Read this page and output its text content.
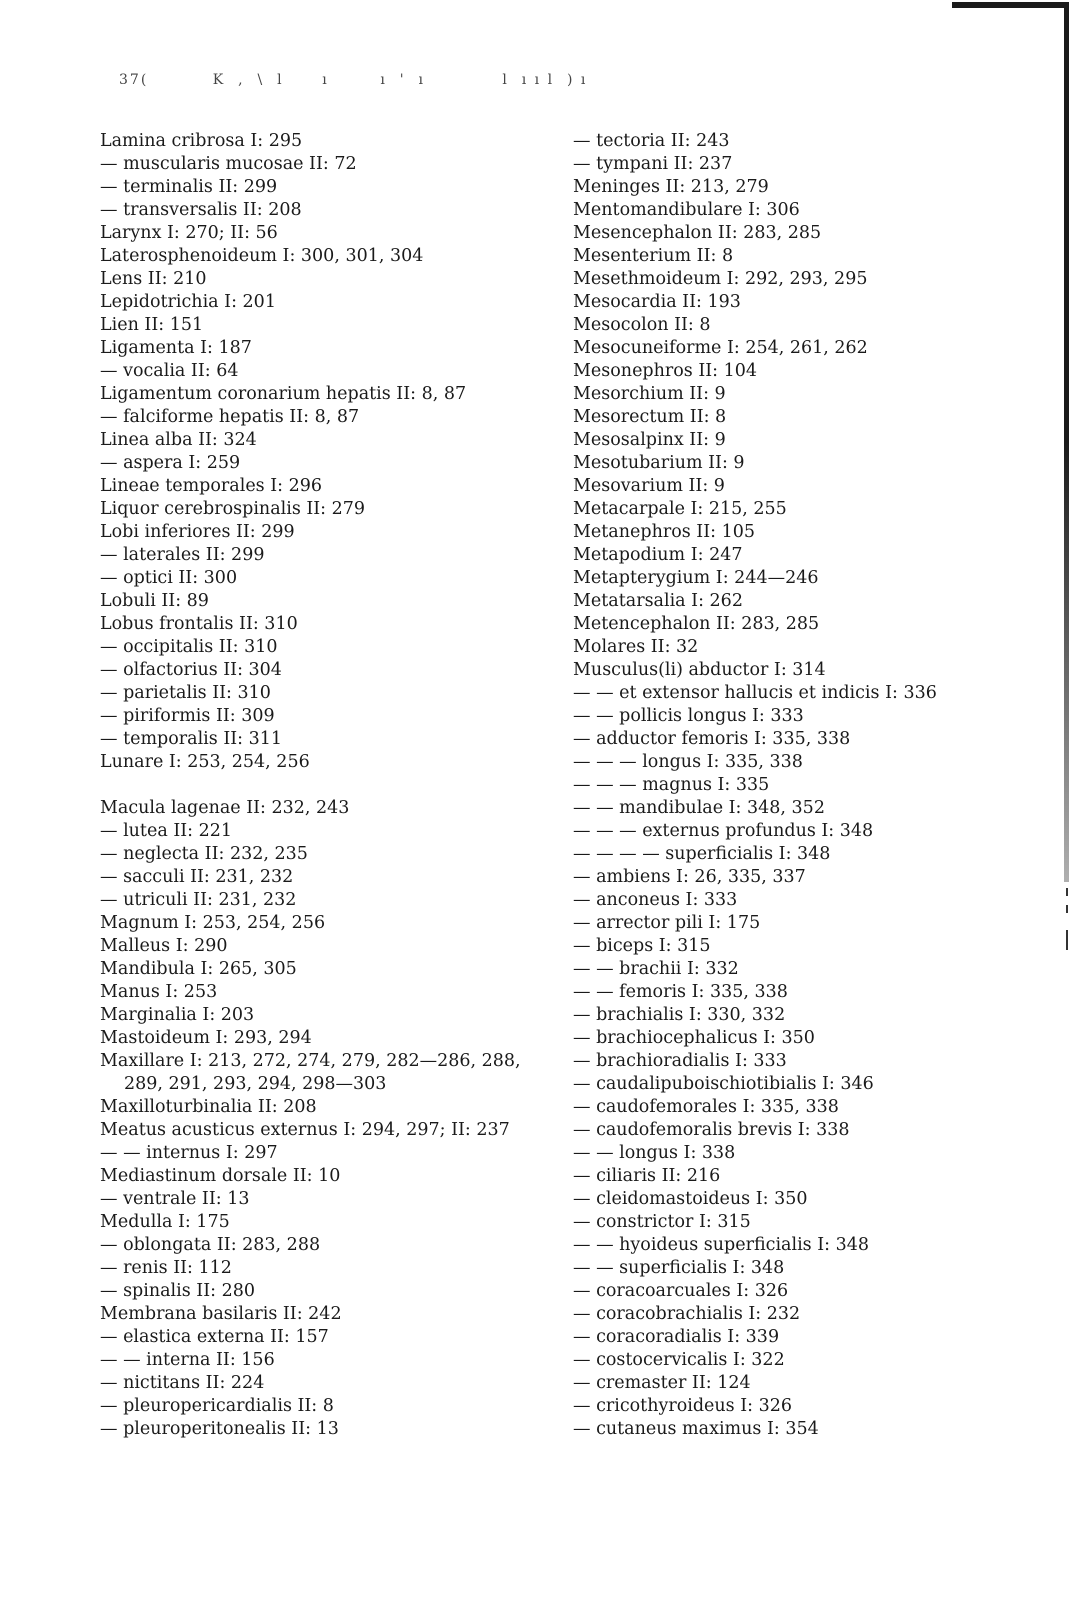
37(          K  ,  \  l      ı        ı  '  ı            l  ı ı l  ) ı
Lamina cribrosa I: 295
— muscularis mucosae II: 72
— terminalis II: 299
— transversalis II: 208
Larynx I: 270; II: 56
Laterosphenoideum I: 300, 301, 304
Lens II: 210
Lepidotrichia I: 201
Lien II: 151
Ligamenta I: 187
— vocalia II: 64
Ligamentum coronarium hepatis II: 8, 87
— falciforme hepatis II: 8, 87
Linea alba II: 324
— aspera I: 259
Lineae temporales I: 296
Liquor cerebrospinalis II: 279
Lobi inferiores II: 299
— laterales II: 299
— optici II: 300
Lobuli II: 89
Lobus frontalis II: 310
— occipitalis II: 310
— olfactorius II: 304
— parietalis II: 310
— piriformis II: 309
— temporalis II: 311
Lunare I: 253, 254, 256
Macula lagenae II: 232, 243
— lutea II: 221
— neglecta II: 232, 235
— sacculi II: 231, 232
— utriculi II: 231, 232
Magnum I: 253, 254, 256
Malleus I: 290
Mandibula I: 265, 305
Manus I: 253
Marginalia I: 203
Mastoideum I: 293, 294
Maxillare I: 213, 272, 274, 279, 282—286, 288, 289, 291, 293, 294, 298—303
Maxilloturbinalia II: 208
Meatus acusticus externus I: 294, 297; II: 237
— — internus I: 297
Mediastinum dorsale II: 10
— ventrale II: 13
Medulla I: 175
— oblongata II: 283, 288
— renis II: 112
— spinalis II: 280
Membrana basilaris II: 242
— elastica externa II: 157
— — interna II: 156
— nictitans II: 224
— pleuropericardialis II: 8
— pleuroperitonealis II: 13
— tectoria II: 243
— tympani II: 237
Meninges II: 213, 279
Mentomandibulare I: 306
Mesencephalon II: 283, 285
Mesenterium II: 8
Mesethmoideum I: 292, 293, 295
Mesocardia II: 193
Mesocolon II: 8
Mesocuneiforme I: 254, 261, 262
Mesonephros II: 104
Mesorchium II: 9
Mesorectum II: 8
Mesosalpinx II: 9
Mesotubarium II: 9
Mesovarium II: 9
Metacarpale I: 215, 255
Metanephros II: 105
Metapodium I: 247
Metapterygium I: 244—246
Metatarsalia I: 262
Metencephalon II: 283, 285
Molares II: 32
Musculus(li) abductor I: 314
— — et extensor hallucis et indicis I: 336
— — pollicis longus I: 333
— adductor femoris I: 335, 338
— — — longus I: 335, 338
— — — magnus I: 335
— — mandibulae I: 348, 352
— — — externus profundus I: 348
— — — — superficialis I: 348
— ambiens I: 26, 335, 337
— anconeus I: 333
— arrector pili I: 175
— biceps I: 315
— — brachii I: 332
— — femoris I: 335, 338
— brachialis I: 330, 332
— brachiocephalicus I: 350
— brachioradialis I: 333
— caudalipuboischiotibialis I: 346
— caudofemorales I: 335, 338
— caudofemoralis brevis I: 338
— — longus I: 338
— ciliaris II: 216
— cleidomastoideus I: 350
— constrictor I: 315
— — hyoideus superficialis I: 348
— — superficialis I: 348
— coracoarcuales I: 326
— coracobrachialis I: 232
— coracoradialis I: 339
— costocervicalis I: 322
— cremaster II: 124
— cricothyroideus I: 326
— cutaneus maximus I: 354
